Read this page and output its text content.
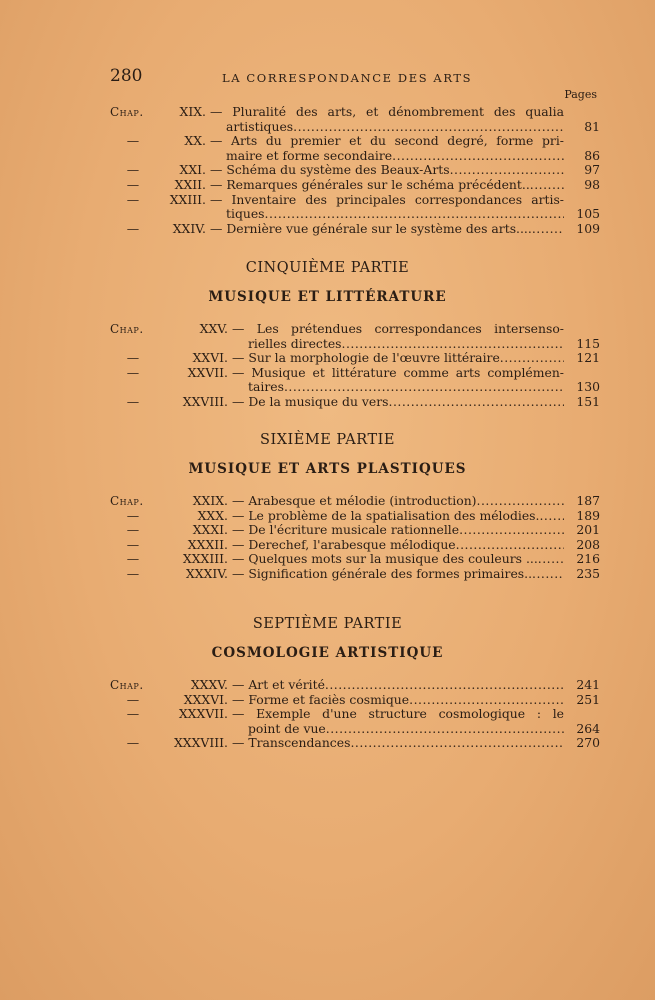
280	LA CORRESPONDANCE DES ARTS
Pages
Chap.	XIX. — Pluralité des arts, et dénombrement des qualia
artistiques .....	81
—	XX. — Arts du premier et du second degré, forme pri-
maire et forme secondaire .....	86
—	XXI. — Schéma du système des Beaux-Arts .....	97
—	XXII. — Remarques générales sur le schéma précédent.. .....	98
—	XXIII. — Inventaire des principales correspondances artis-
tiques .....	105
—	XXIV. — Dernière vue générale sur le système des arts.... .....	109
CINQUIÈME PARTIE
MUSIQUE ET LITTÉRATURE
Chap.	XXV. — Les prétendues correspondances intersenso-
rielles directes .....	115
—	XXVI. — Sur la morphologie de l'œuvre littéraire .....	121
—	XXVII. — Musique et littérature comme arts complémen-
taires .....	130
—	XXVIII. — De la musique du vers .....	151
SIXIÈME PARTIE
MUSIQUE ET ARTS PLASTIQUES
Chap.	XXIX. — Arabesque et mélodie (introduction) .....	187
—	XXX. — Le problème de la spatialisation des mélodies. .....	189
—	XXXI. — De l'écriture musicale rationnelle .....	201
—	XXXII. — Derechef, l'arabesque mélodique .....	208
—	XXXIII. — Quelques mots sur la musique des couleurs ... .....	216
—	XXXIV. — Signification générale des formes primaires.. .....	235
SEPTIÈME PARTIE
COSMOLOGIE ARTISTIQUE
Chap.	XXXV. — Art et vérité .....	241
—	XXXVI. — Forme et faciès cosmique .....	251
—	XXXVII. — Exemple d'une structure cosmologique : le
point de vue .....	264
—	XXXVIII. — Transcendances .....	270
